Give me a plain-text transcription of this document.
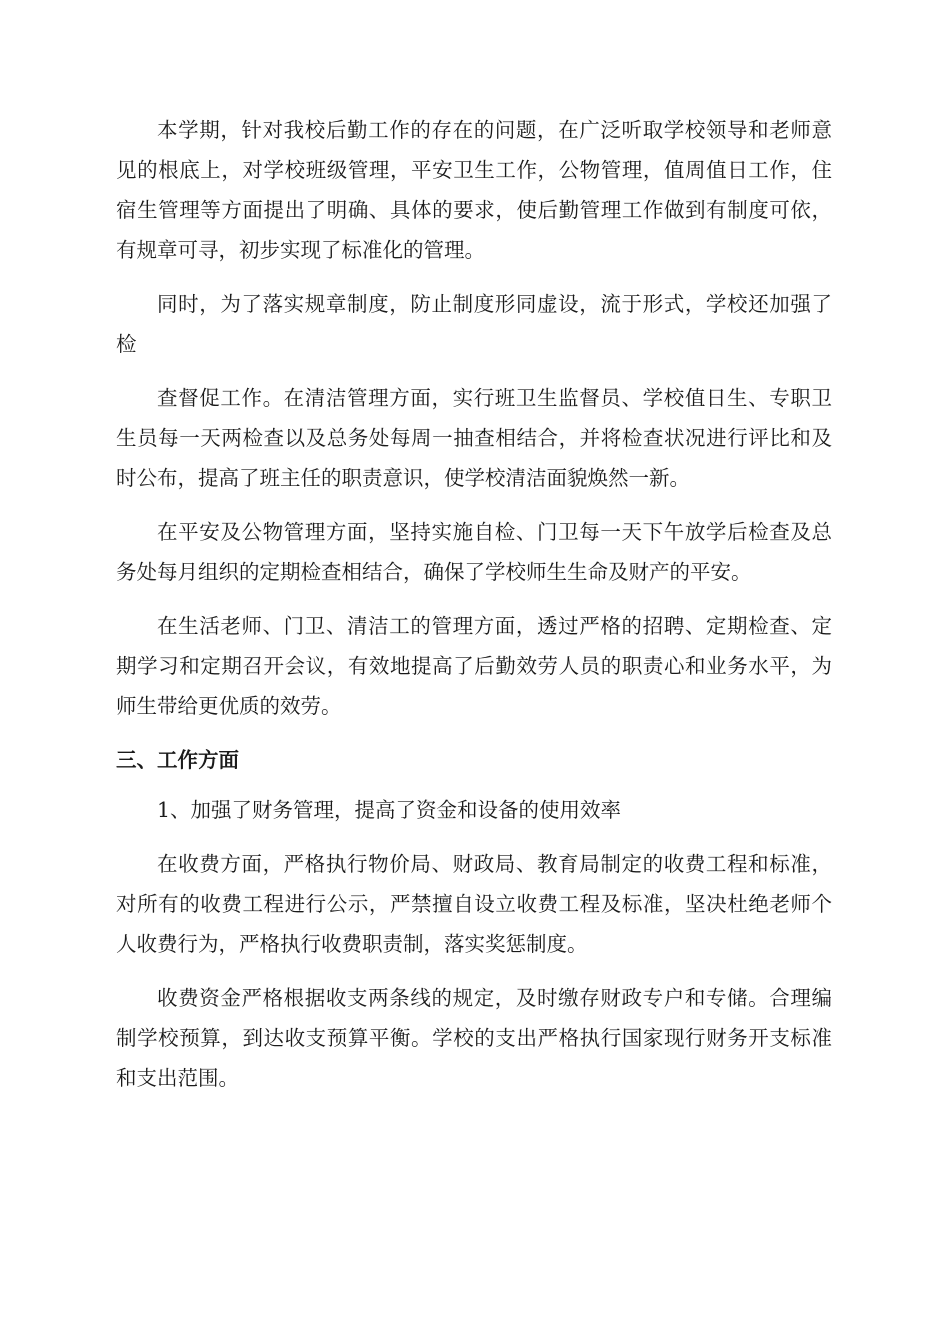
本学期，针对我校后勤工作的存在的问题，在广泛听取学校领导和老师意见的根底上，对学校班级管理，平安卫生工作，公物管理，值周值日工作，住宿生管理等方面提出了明确、具体的要求，使后勤管理工作做到有制度可依，有规章可寻，初步实现了标准化的管理。

同时，为了落实规章制度，防止制度形同虚设，流于形式，学校还加强了检

查督促工作。在清洁管理方面，实行班卫生监督员、学校值日生、专职卫生员每一天两检查以及总务处每周一抽查相结合，并将检查状况进行评比和及时公布，提高了班主任的职责意识，使学校清洁面貌焕然一新。

在平安及公物管理方面，坚持实施自检、门卫每一天下午放学后检查及总务处每月组织的定期检查相结合，确保了学校师生生命及财产的平安。

在生活老师、门卫、清洁工的管理方面，透过严格的招聘、定期检查、定期学习和定期召开会议，有效地提高了后勤效劳人员的职责心和业务水平，为师生带给更优质的效劳。

三、工作方面

1、加强了财务管理，提高了资金和设备的使用效率

在收费方面，严格执行物价局、财政局、教育局制定的收费工程和标准，对所有的收费工程进行公示，严禁擅自设立收费工程及标准，坚决杜绝老师个人收费行为，严格执行收费职责制，落实奖惩制度。

收费资金严格根据收支两条线的规定，及时缴存财政专户和专储。合理编制学校预算，到达收支预算平衡。学校的支出严格执行国家现行财务开支标准和支出范围。
